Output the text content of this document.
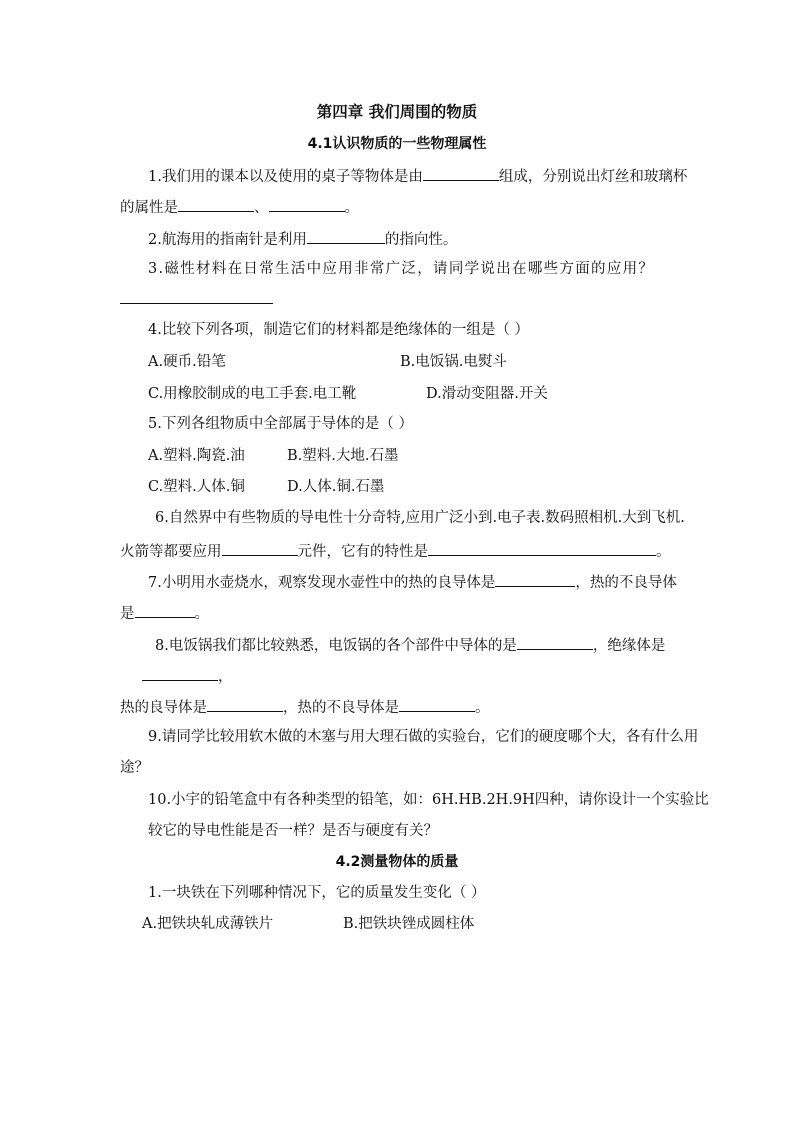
第四章 我们周围的物质
4.1认识物质的一些物理属性
1.我们用的课本以及使用的桌子等物体是由	组成，分别说出灯丝和玻璃杯
的属性是	、	。
2.航海用的指南针是利用	的指向性。
3.磁性材料在日常生活中应用非常广泛，请同学说出在哪些方面的应用？
4.比较下列各项，制造它们的材料都是绝缘体的一组是（ ）
A.硬币.铅笔	B.电饭锅.电熨斗
C.用橡胶制成的电工手套.电工靴	D.滑动变阻器.开关
5.下列各组物质中全部属于导体的是（ ）
A.塑料.陶瓷.油	B.塑料.大地.石墨
C.塑料.人体.铜	D.人体.铜.石墨
6.自然界中有些物质的导电性十分奇特,应用广泛小到.电子表.数码照相机.大到飞机.
火箭等都要应用	元件，它有的特性是	。
7.小明用水壶烧水，观察发现水壶性中的热的良导体是	，热的不良导体
是	。
8.电饭锅我们都比较熟悉，电饭锅的各个部件中导体的是	，绝缘体是
，
热的良导体是	，热的不良导体是	。
9.请同学比较用软木做的木塞与用大理石做的实验台，它们的硬度哪个大，各有什么用
途？
10.小宇的铅笔盒中有各种类型的铅笔，如：6H.HB.2H.9H四种，请你设计一个实验比
较它的导电性能是否一样？是否与硬度有关？
4.2测量物体的质量
1.一块铁在下列哪种情况下，它的质量发生变化（ ）
A.把铁块轧成薄铁片	B.把铁块锉成圆柱体
